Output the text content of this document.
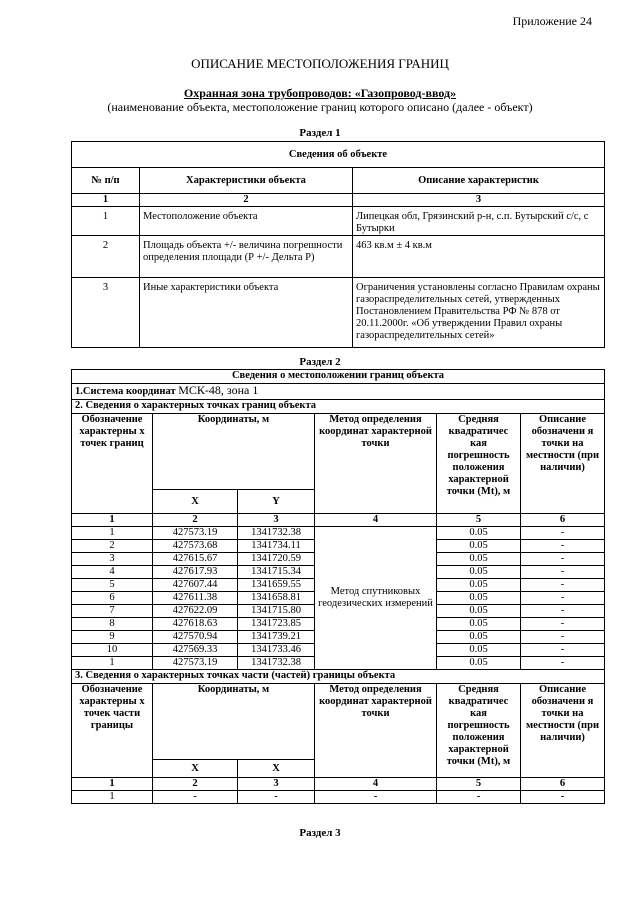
Приложение 24
ОПИСАНИЕ МЕСТОПОЛОЖЕНИЯ ГРАНИЦ
Охранная зона трубопроводов: «Газопровод-ввод»
(наименование объекта, местоположение границ которого описано (далее - объект)
Раздел 1
Сведения об объекте		
№ п/п	Характеристики объекта	Описание характеристик
1	2	3
1	Местоположение объекта	Липецкая обл, Грязинский р-н, с.п. Бутырский с/с, с Бутырки
2	Площадь объекта +/- величина погрешности определения площади (Р +/- Дельта Р)	463 кв.м ± 4 кв.м
3	Иные характеристики объекта	Ограничения установлены согласно Правилам охраны газораспределительных сетей, утвержденных Постановлением Правительства РФ № 878 от 20.11.2000г. «Об утверждении Правил охраны газораспределительных сетей»
Раздел 2
Сведения о местоположении границ объекта					
1.Система координат МСК-48, зона 1					
2. Сведения о характерных точках границ объекта					
Обозначение характерны х точек границ	Координаты, м		Метод определения координат характерной точки	Средняя квадратичес кая погрешность положения характерной точки (Mt), м	Описание обозначени я точки на местности (при наличии)
	X	Y			
1	2	3	4	5	6
1	427573.19	1341732.38	Метод спутниковых геодезических измерений	0.05	-
2	427573.68	1341734.11		0.05	-
3	427615.67	1341720.59		0.05	-
4	427617.93	1341715.34		0.05	-
5	427607.44	1341659.55		0.05	-
6	427611.38	1341658.81		0.05	-
7	427622.09	1341715.80		0.05	-
8	427618.63	1341723.85		0.05	-
9	427570.94	1341739.21		0.05	-
10	427569.33	1341733.46		0.05	-
1	427573.19	1341732.38		0.05	-
3. Сведения о характерных точках части (частей) границы объекта					
Обозначение характерны х точек части границы	Координаты, м		Метод определения координат характерной точки	Средняя квадратичес кая погрешность положения характерной точки (Mt), м	Описание обозначени я точки на местности (при наличии)
	X	X			
1	2	3	4	5	6
1	-	-	-	-	-
Раздел 3
